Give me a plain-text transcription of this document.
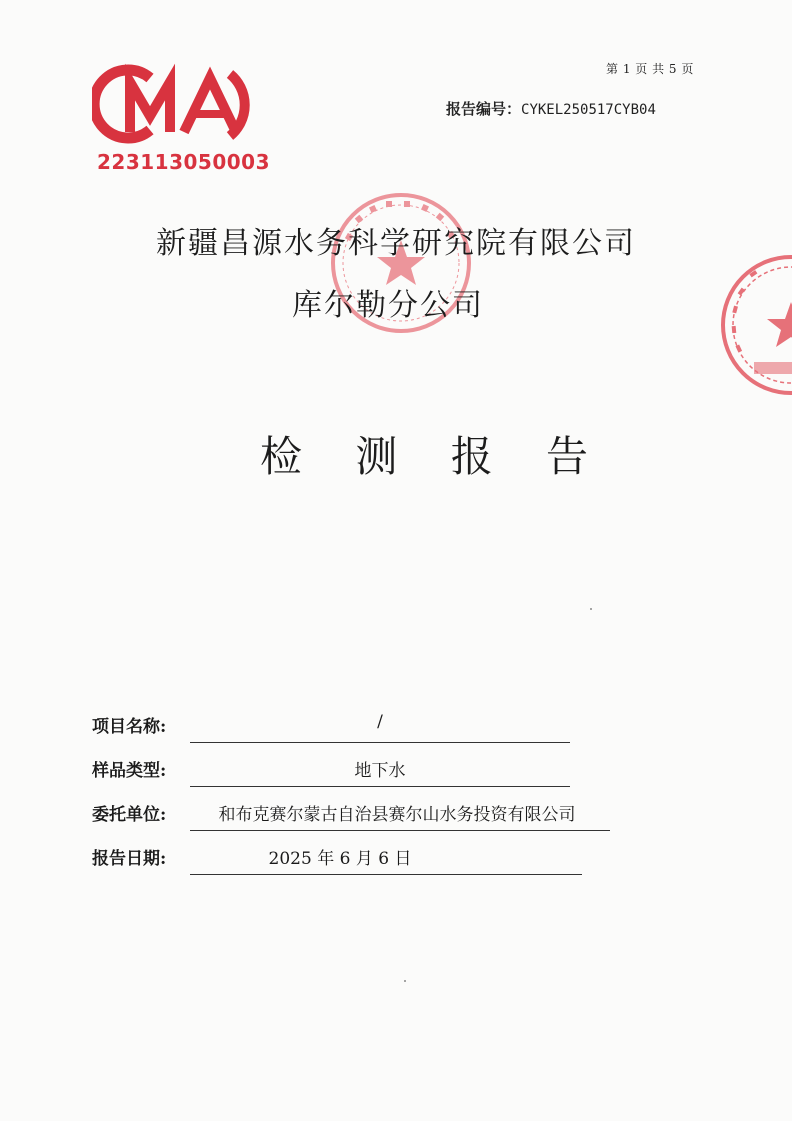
第 1 页 共 5 页
报告编号：CYKEL250517CYB04
223113050003
新疆昌源水务科学研究院有限公司
库尔勒分公司
检 测 报 告
项目名称:	/
样品类型:	地下水
委托单位:	和布克赛尔蒙古自治县赛尔山水务投资有限公司
报告日期:	2025 年 6 月 6 日
